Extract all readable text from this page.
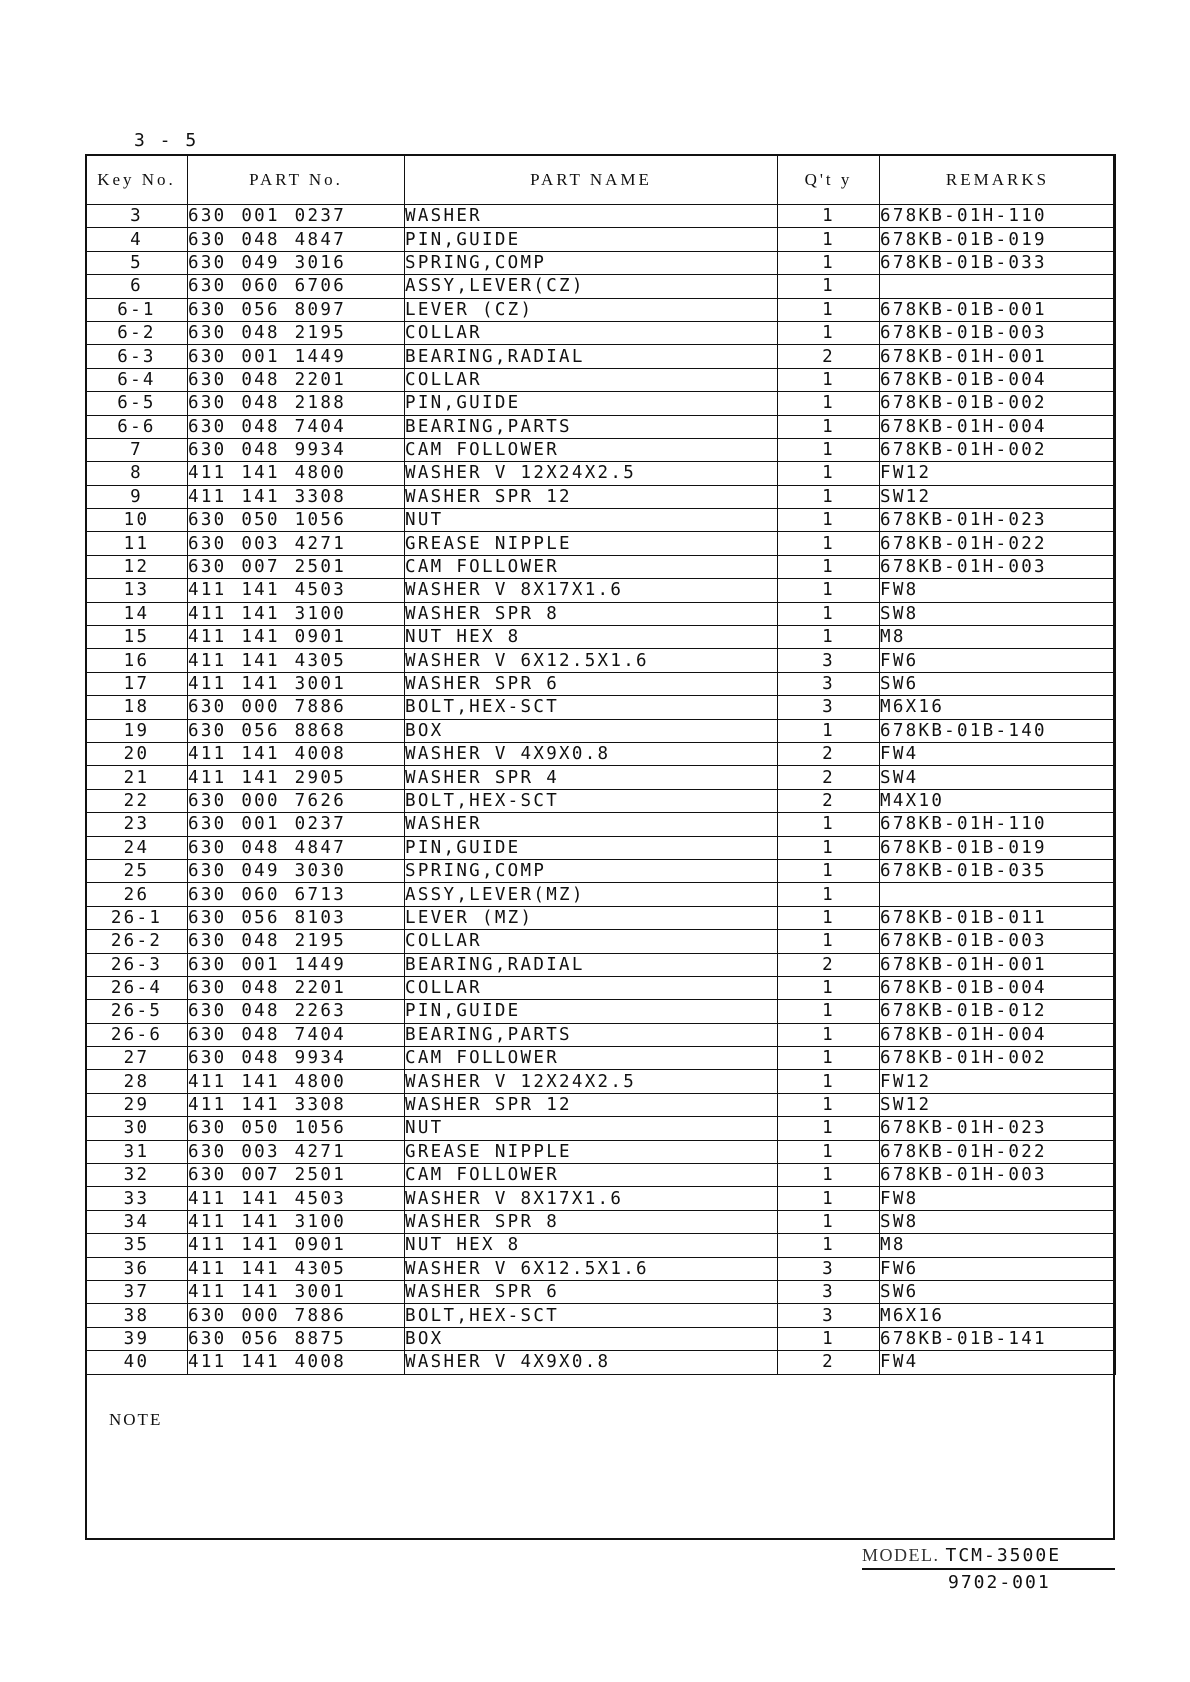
3 - 5
Key No.	PART No.	PART NAME	Q't y	REMARKS
3	630 001 0237	WASHER	1	678KB-01H-110
4	630 048 4847	PIN,GUIDE	1	678KB-01B-019
5	630 049 3016	SPRING,COMP	1	678KB-01B-033
6	630 060 6706	ASSY,LEVER(CZ)	1	
6-1	630 056 8097	LEVER (CZ)	1	678KB-01B-001
6-2	630 048 2195	COLLAR	1	678KB-01B-003
6-3	630 001 1449	BEARING,RADIAL	2	678KB-01H-001
6-4	630 048 2201	COLLAR	1	678KB-01B-004
6-5	630 048 2188	PIN,GUIDE	1	678KB-01B-002
6-6	630 048 7404	BEARING,PARTS	1	678KB-01H-004
7	630 048 9934	CAM FOLLOWER	1	678KB-01H-002
8	411 141 4800	WASHER V 12X24X2.5	1	FW12
9	411 141 3308	WASHER SPR 12	1	SW12
10	630 050 1056	NUT	1	678KB-01H-023
11	630 003 4271	GREASE NIPPLE	1	678KB-01H-022
12	630 007 2501	CAM FOLLOWER	1	678KB-01H-003
13	411 141 4503	WASHER V 8X17X1.6	1	FW8
14	411 141 3100	WASHER SPR 8	1	SW8
15	411 141 0901	NUT HEX 8	1	M8
16	411 141 4305	WASHER V 6X12.5X1.6	3	FW6
17	411 141 3001	WASHER SPR 6	3	SW6
18	630 000 7886	BOLT,HEX-SCT	3	M6X16
19	630 056 8868	BOX	1	678KB-01B-140
20	411 141 4008	WASHER V 4X9X0.8	2	FW4
21	411 141 2905	WASHER SPR 4	2	SW4
22	630 000 7626	BOLT,HEX-SCT	2	M4X10
23	630 001 0237	WASHER	1	678KB-01H-110
24	630 048 4847	PIN,GUIDE	1	678KB-01B-019
25	630 049 3030	SPRING,COMP	1	678KB-01B-035
26	630 060 6713	ASSY,LEVER(MZ)	1	
26-1	630 056 8103	LEVER (MZ)	1	678KB-01B-011
26-2	630 048 2195	COLLAR	1	678KB-01B-003
26-3	630 001 1449	BEARING,RADIAL	2	678KB-01H-001
26-4	630 048 2201	COLLAR	1	678KB-01B-004
26-5	630 048 2263	PIN,GUIDE	1	678KB-01B-012
26-6	630 048 7404	BEARING,PARTS	1	678KB-01H-004
27	630 048 9934	CAM FOLLOWER	1	678KB-01H-002
28	411 141 4800	WASHER V 12X24X2.5	1	FW12
29	411 141 3308	WASHER SPR 12	1	SW12
30	630 050 1056	NUT	1	678KB-01H-023
31	630 003 4271	GREASE NIPPLE	1	678KB-01H-022
32	630 007 2501	CAM FOLLOWER	1	678KB-01H-003
33	411 141 4503	WASHER V 8X17X1.6	1	FW8
34	411 141 3100	WASHER SPR 8	1	SW8
35	411 141 0901	NUT HEX 8	1	M8
36	411 141 4305	WASHER V 6X12.5X1.6	3	FW6
37	411 141 3001	WASHER SPR 6	3	SW6
38	630 000 7886	BOLT,HEX-SCT	3	M6X16
39	630 056 8875	BOX	1	678KB-01B-141
40	411 141 4008	WASHER V 4X9X0.8	2	FW4
NOTE
MODEL. TCM-3500E
9702-001
